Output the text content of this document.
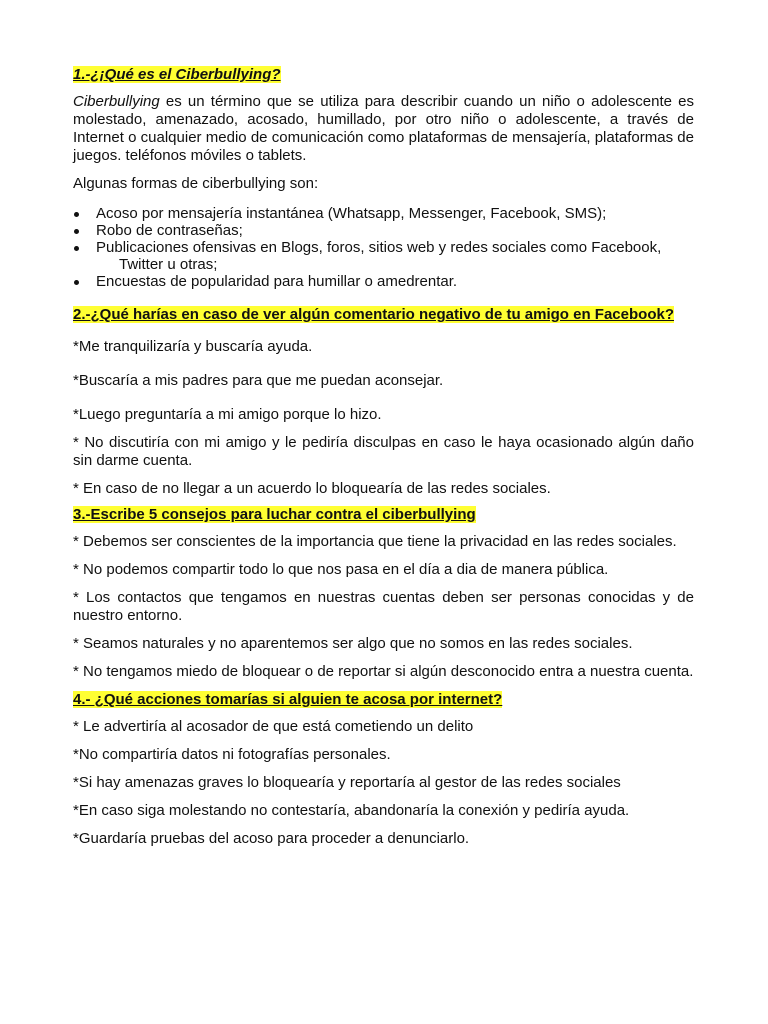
1.-¿¡Qué es el Ciberbullying?

Ciberbullying es un término que se utiliza para describir cuando un niño o adolescente es molestado, amenazado, acosado, humillado, por otro niño o adolescente, a través de Internet o cualquier medio de comunicación como plataformas de mensajería, plataformas de juegos. teléfonos móviles o tablets.

Algunas formas de ciberbullying son:

Acoso por mensajería instantánea (Whatsapp, Messenger, Facebook, SMS);
Robo de contraseñas;
Publicaciones ofensivas en Blogs, foros, sitios web y redes sociales como Facebook,
Twitter u otras;
Encuestas de popularidad para humillar o amedrentar.
2.-¿Qué harías en caso de ver algún comentario negativo de tu amigo en Facebook?

*Me tranquilizaría y buscaría ayuda.

*Buscaría a mis padres para que me puedan aconsejar.

*Luego preguntaría a mi amigo porque lo hizo.

* No discutiría con mi amigo y le pediría disculpas en caso le haya ocasionado algún daño sin darme cuenta.

* En caso de no llegar a un acuerdo lo bloquearía de las redes sociales.

3.-Escribe 5 consejos para luchar contra el ciberbullying

* Debemos ser conscientes de la importancia que tiene la privacidad en las redes sociales.

* No podemos compartir todo lo que nos pasa en el día a dia de manera pública.

* Los contactos que tengamos en nuestras cuentas deben ser personas conocidas y de nuestro entorno.

* Seamos naturales y no aparentemos ser algo que no somos en las redes sociales.

* No tengamos miedo de bloquear o de reportar si algún desconocido entra a nuestra cuenta.

4.- ¿Qué acciones tomarías si alguien te acosa por internet?

* Le advertiría al acosador de que está cometiendo un delito

*No compartiría datos ni fotografías personales.

*Si hay amenazas graves lo bloquearía y reportaría al gestor de las redes sociales

*En caso siga molestando no contestaría, abandonaría la conexión y pediría ayuda.

*Guardaría pruebas del acoso para proceder a denunciarlo.
